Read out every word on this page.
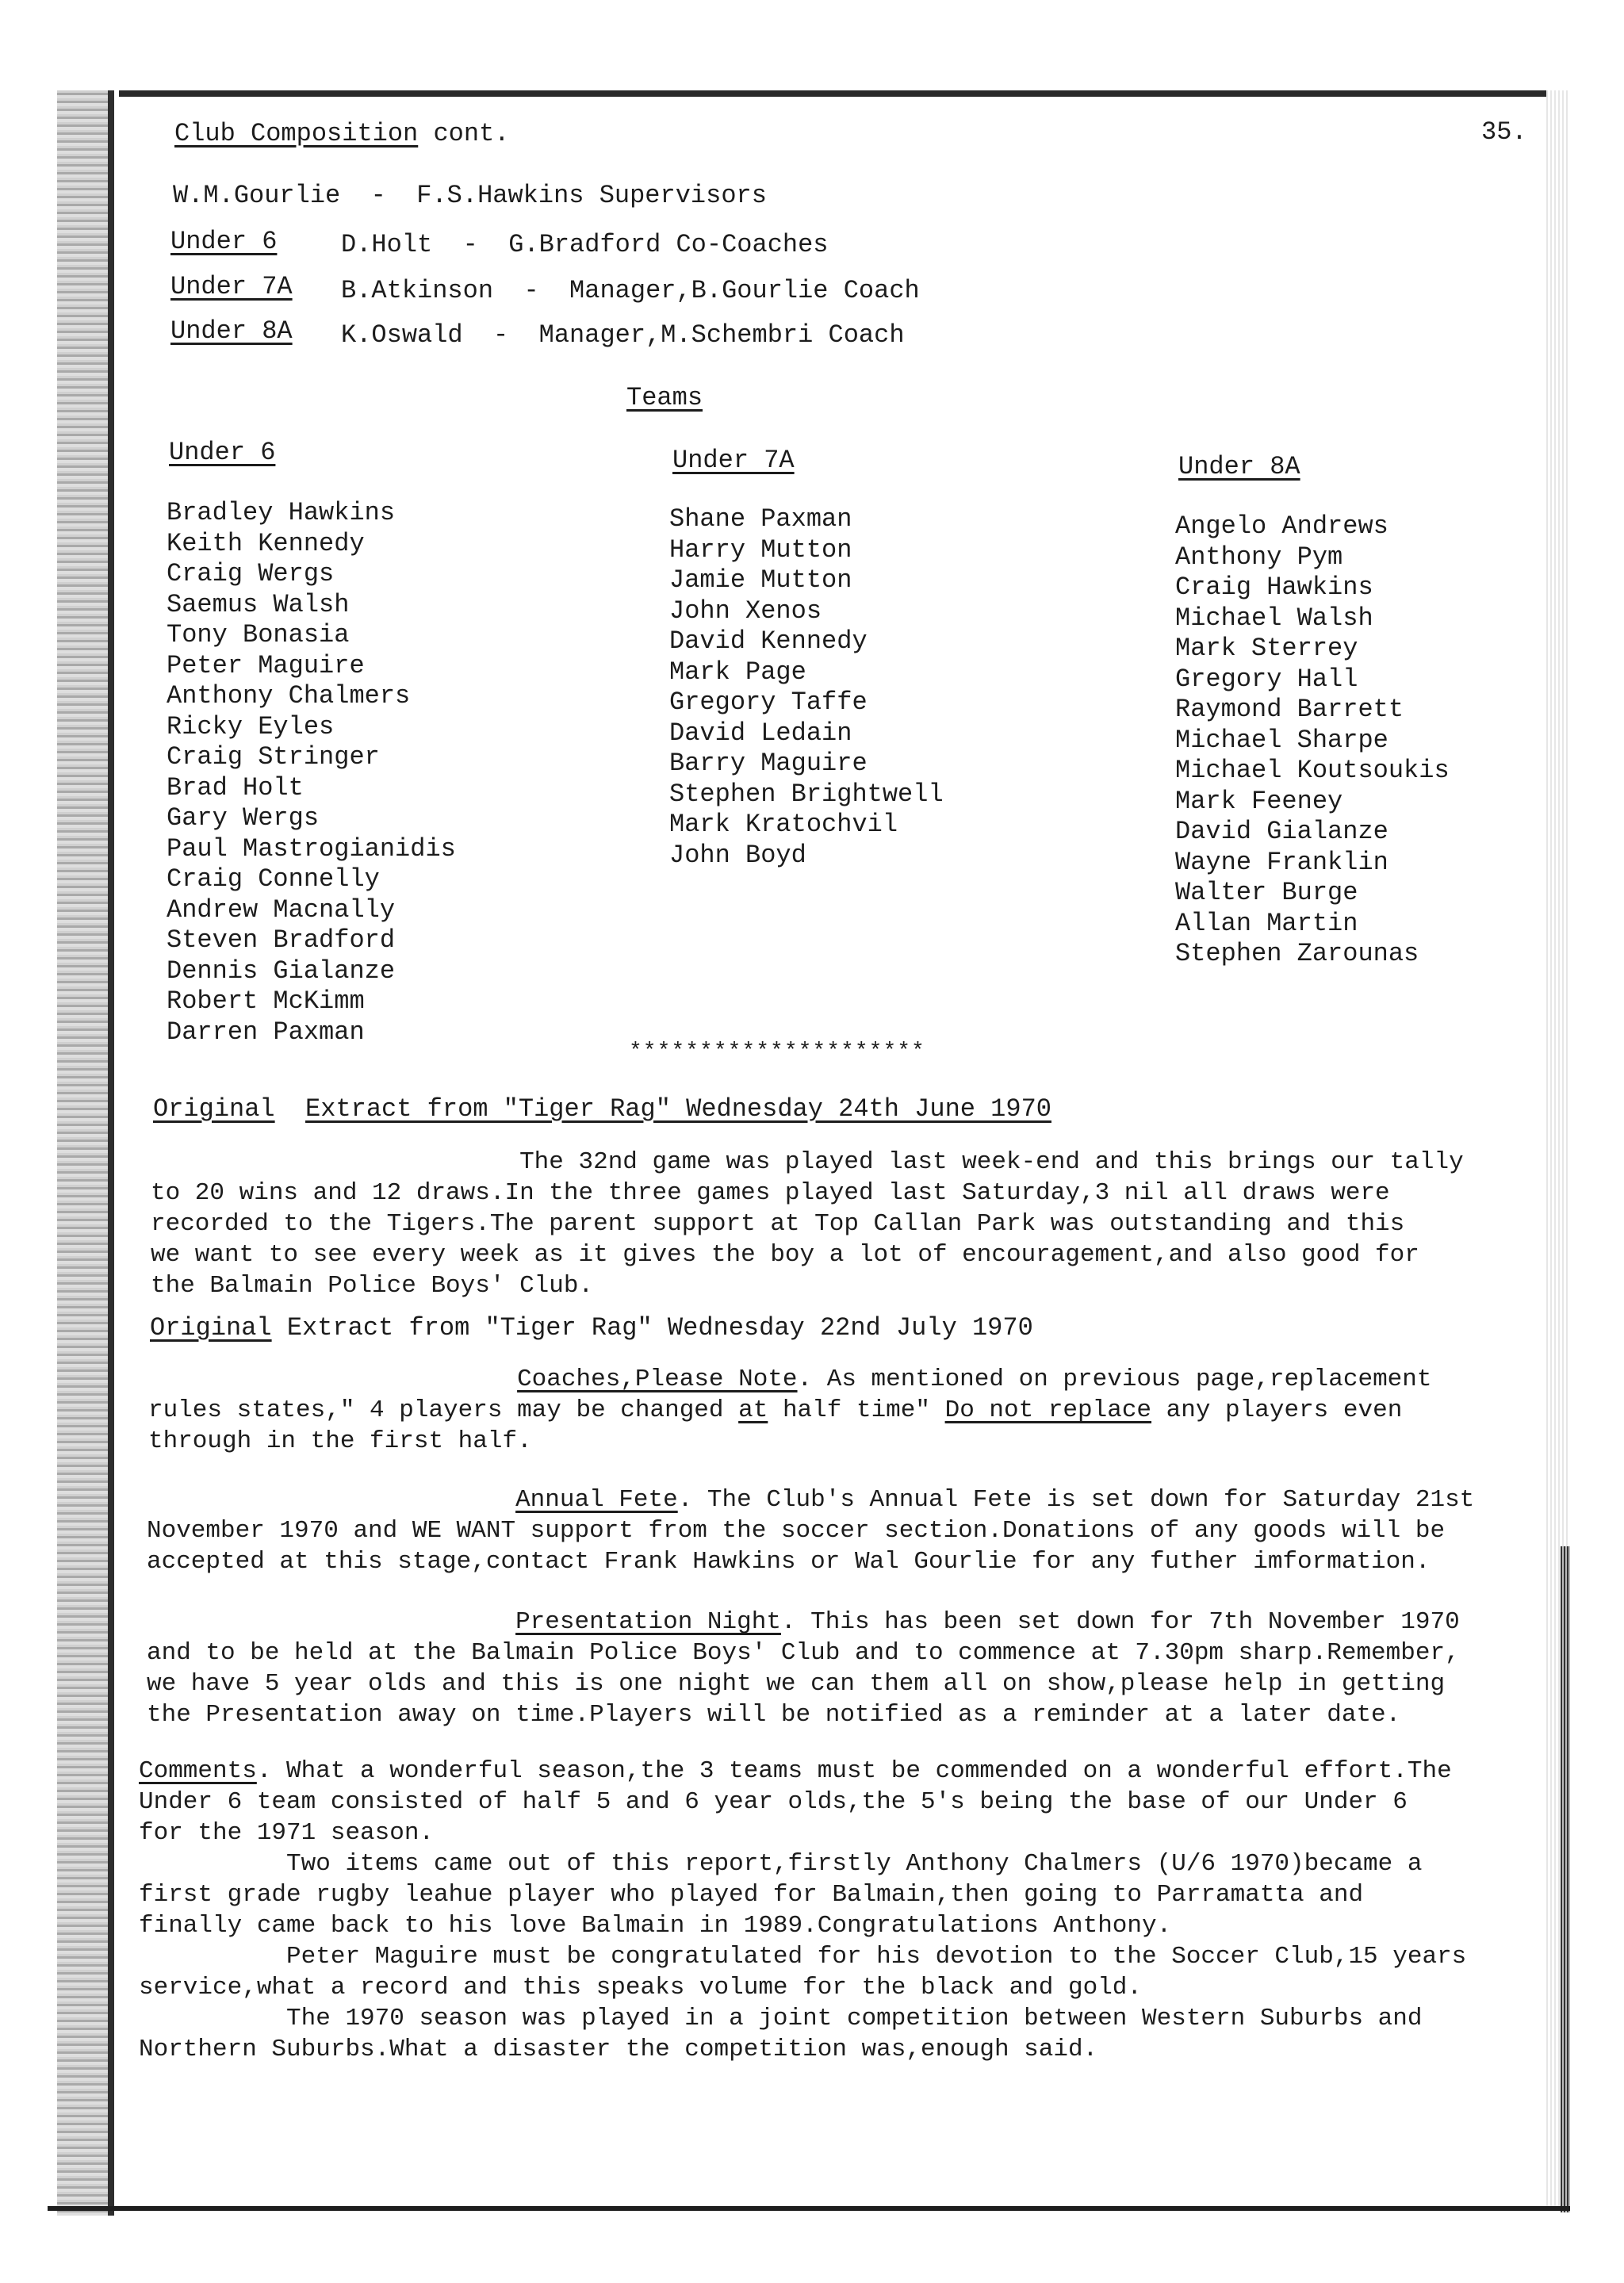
Club Composition cont.	35.
W.M.Gourlie  -  F.S.Hawkins Supervisors
Under 6	D.Holt  -  G.Bradford Co-Coaches
Under 7A B.Atkinson  -  Manager,B.Gourlie Coach
Under 8A K.Oswald  -  Manager,M.Schembri Coach
Teams
Under 6
Bradley Hawkins
Keith Kennedy
Craig Wergs
Saemus Walsh
Tony Bonasia
Peter Maguire
Anthony Chalmers
Ricky Eyles
Craig Stringer
Brad Holt
Gary Wergs
Paul Mastrogianidis
Craig Connelly
Andrew Macnally
Steven Bradford
Dennis Gialanze
Robert McKimm
Darren Paxman
Under 7A
Shane Paxman
Harry Mutton
Jamie Mutton
John Xenos
David Kennedy
Mark Page
Gregory Taffe
David Ledain
Barry Maguire
Stephen Brightwell
Mark Kratochvil
John Boyd
Under 8A
Angelo Andrews
Anthony Pym
Craig Hawkins
Michael Walsh
Mark Sterrey
Gregory Hall
Raymond Barrett
Michael Sharpe
Michael Koutsoukis
Mark Feeney
David Gialanze
Wayne Franklin
Walter Burge
Allan Martin
Stephen Zarounas
*********************
Original Extract from "Tiger Rag" Wednesday 24th June 1970
The 32nd game was played last week-end and this brings our tally
to 20 wins and 12 draws.In the three games played last Saturday,3 nil all draws were
recorded to the Tigers.The parent support at Top Callan Park was outstanding and this
we want to see every week as it gives the boy a lot of encouragement,and also good for
the Balmain Police Boys' Club.
Original Extract from "Tiger Rag" Wednesday 22nd July 1970
Coaches,Please Note. As mentioned on previous page,replacement
rules states," 4 players may be changed at half time" Do not replace any players even
through in the first half.
Annual Fete. The Club's Annual Fete is set down for Saturday 21st
November 1970 and WE WANT support from the soccer section.Donations of any goods will be
accepted at this stage,contact Frank Hawkins or Wal Gourlie for any futher imformation.
Presentation Night. This has been set down for 7th November 1970
and to be held at the Balmain Police Boys' Club and to commence at 7.30pm sharp.Remember,
we have 5 year olds and this is one night we can them all on show,please help in getting
the Presentation away on time.Players will be notified as a reminder at a later date.
Comments. What a wonderful season,the 3 teams must be commended on a wonderful effort.The
Under 6 team consisted of half 5 and 6 year olds,the 5's being the base of our Under 6
for the 1971 season.
Two items came out of this report,firstly Anthony Chalmers (U/6 1970)became a
first grade rugby leahue player who played for Balmain,then going to Parramatta and
finally came back to his love Balmain in 1989.Congratulations Anthony.
Peter Maguire must be congratulated for his devotion to the Soccer Club,15 years
service,what a record and this speaks volume for the black and gold.
The 1970 season was played in a joint competition between Western Suburbs and
Northern Suburbs.What a disaster the competition was,enough said.
